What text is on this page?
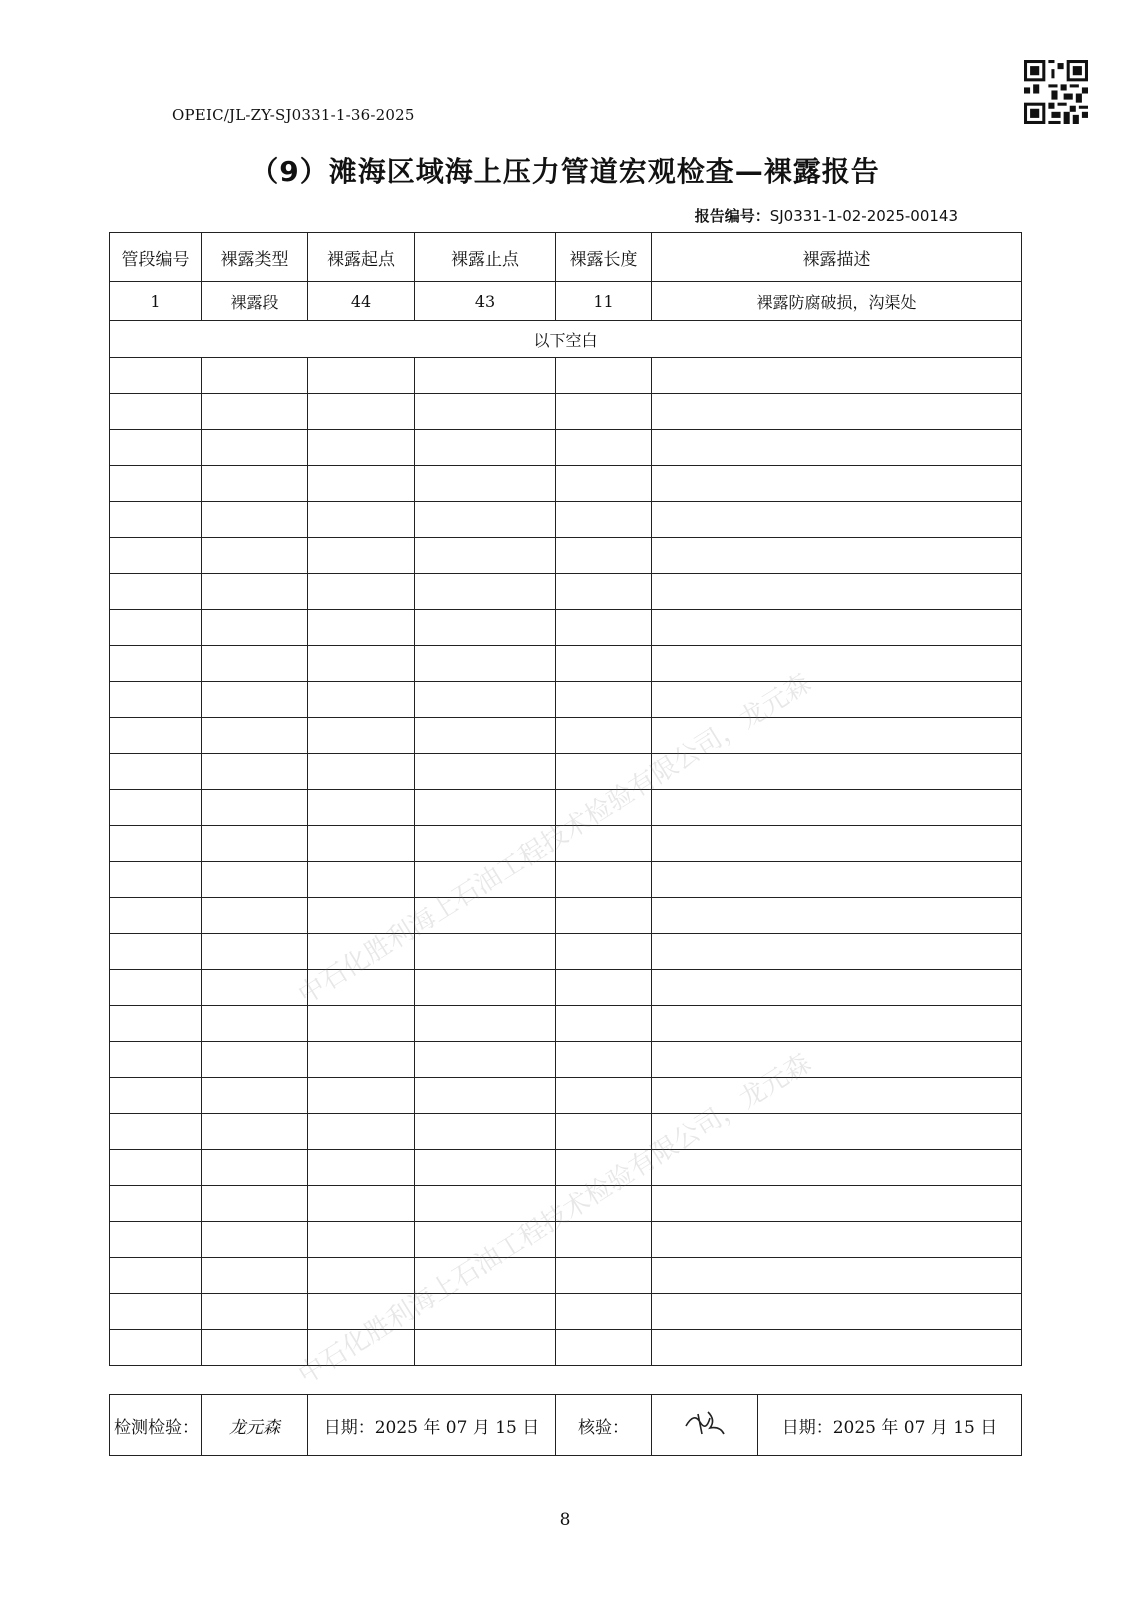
OPEIC/JL-ZY-SJ0331-1-36-2025
（9）滩海区域海上压力管道宏观检查—裸露报告
报告编号：SJ0331-1-02-2025-00143
管段编号	裸露类型	裸露起点	裸露止点	裸露长度	裸露描述
1	裸露段	44	43	11	裸露防腐破损，沟渠处
以下空白					

检测检验：	龙元森	日期：2025 年 07 月 15 日	核验：		日期：2025 年 07 月 15 日
中石化胜利海上石油工程技术检验有限公司，龙元森
中石化胜利海上石油工程技术检验有限公司，龙元森
8
